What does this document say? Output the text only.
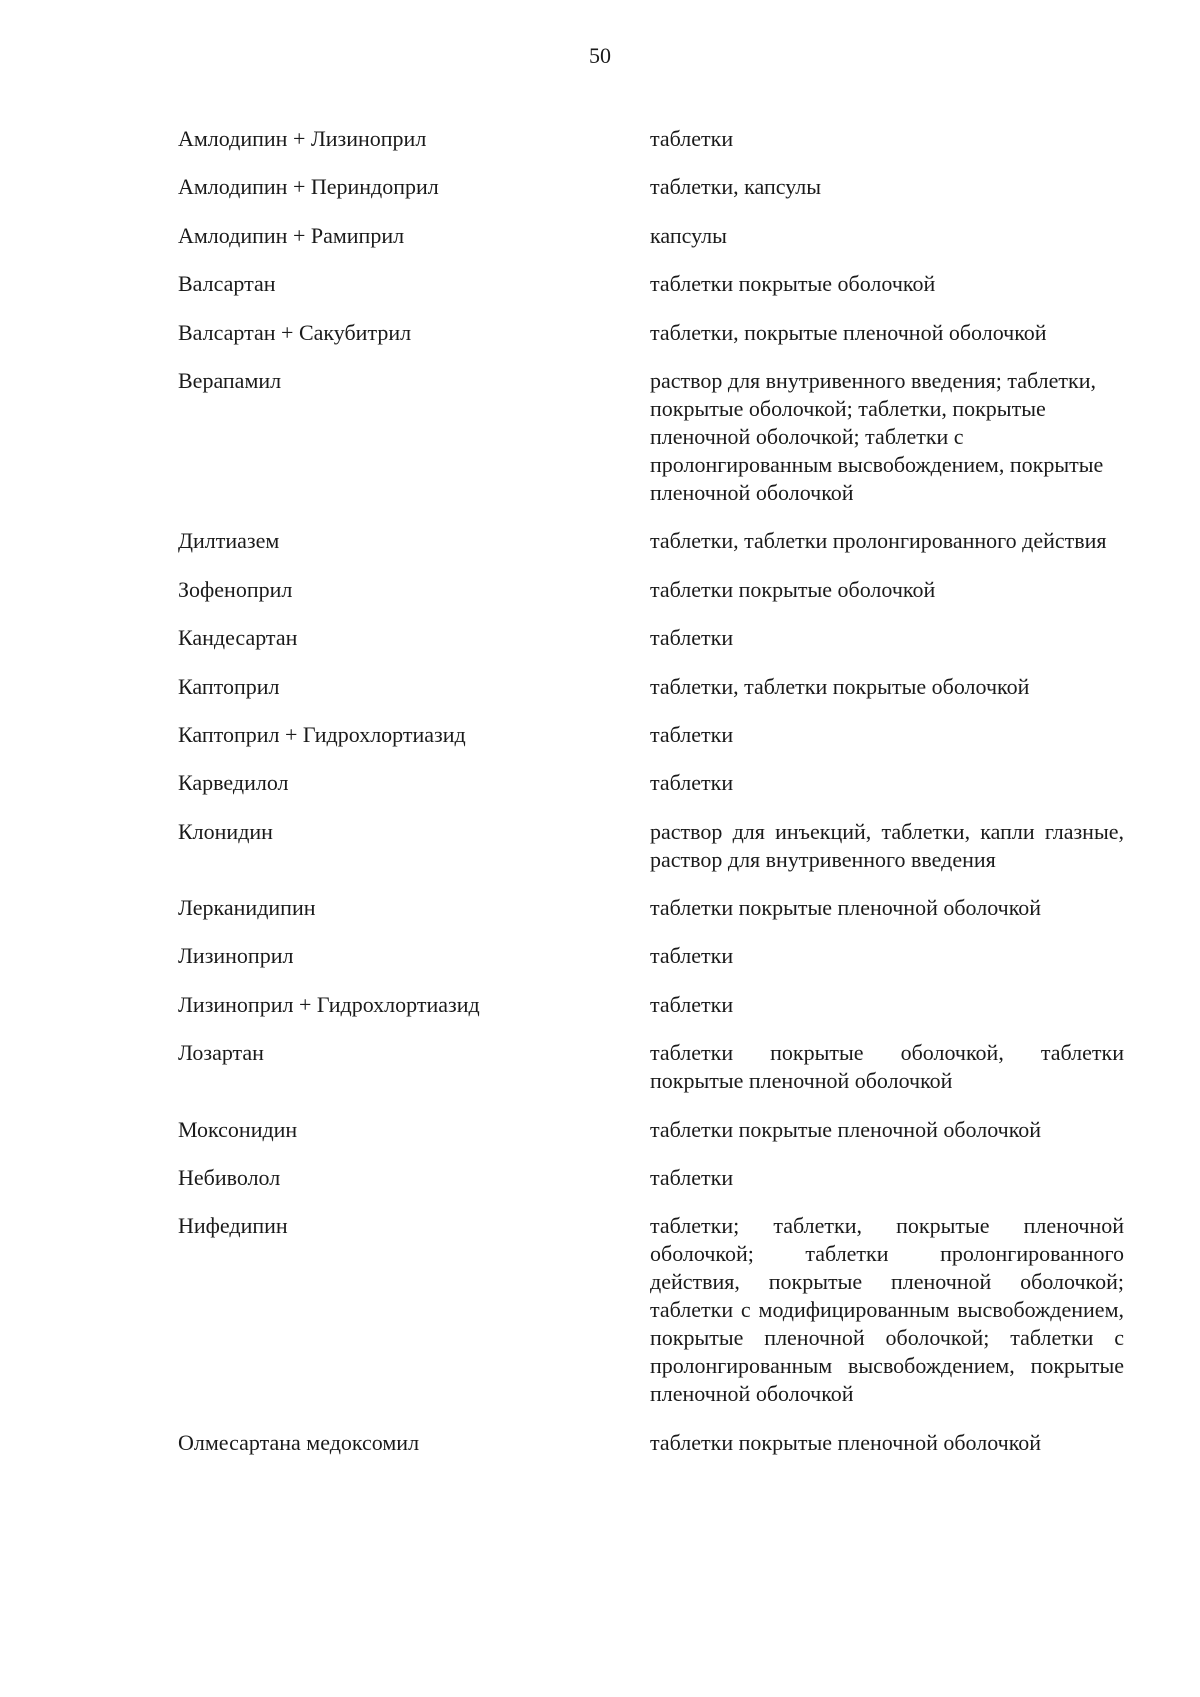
50
Амлодипин + Лизиноприл	таблетки
Амлодипин + Периндоприл	таблетки, капсулы
Амлодипин + Рамиприл	капсулы
Валсартан	таблетки покрытые оболочкой
Валсартан + Сакубитрил	таблетки, покрытые пленочной оболочкой
Верапамил	раствор для внутривенного введения; таблетки, покрытые оболочкой; таблетки, покрытые пленочной оболочкой; таблетки с пролонгированным высвобождением, покрытые пленочной оболочкой
Дилтиазем	таблетки, таблетки пролонгированного действия
Зофеноприл	таблетки покрытые оболочкой
Кандесартан	таблетки
Каптоприл	таблетки, таблетки покрытые оболочкой
Каптоприл + Гидрохлортиазид	таблетки
Карведилол	таблетки
Клонидин	раствор для инъекций, таблетки, капли глазные, раствор для внутривенного введения
Лерканидипин	таблетки покрытые пленочной оболочкой
Лизиноприл	таблетки
Лизиноприл + Гидрохлортиазид	таблетки
Лозартан	таблетки покрытые оболочкой, таблетки покрытые пленочной оболочкой
Моксонидин	таблетки покрытые пленочной оболочкой
Небиволол	таблетки
Нифедипин	таблетки; таблетки, покрытые пленочной оболочкой; таблетки пролонгированного действия, покрытые пленочной оболочкой; таблетки с модифицированным высвобождением, покрытые пленочной оболочкой; таблетки с пролонгированным высвобождением, покрытые пленочной оболочкой
Олмесартана медоксомил	таблетки покрытые пленочной оболочкой
